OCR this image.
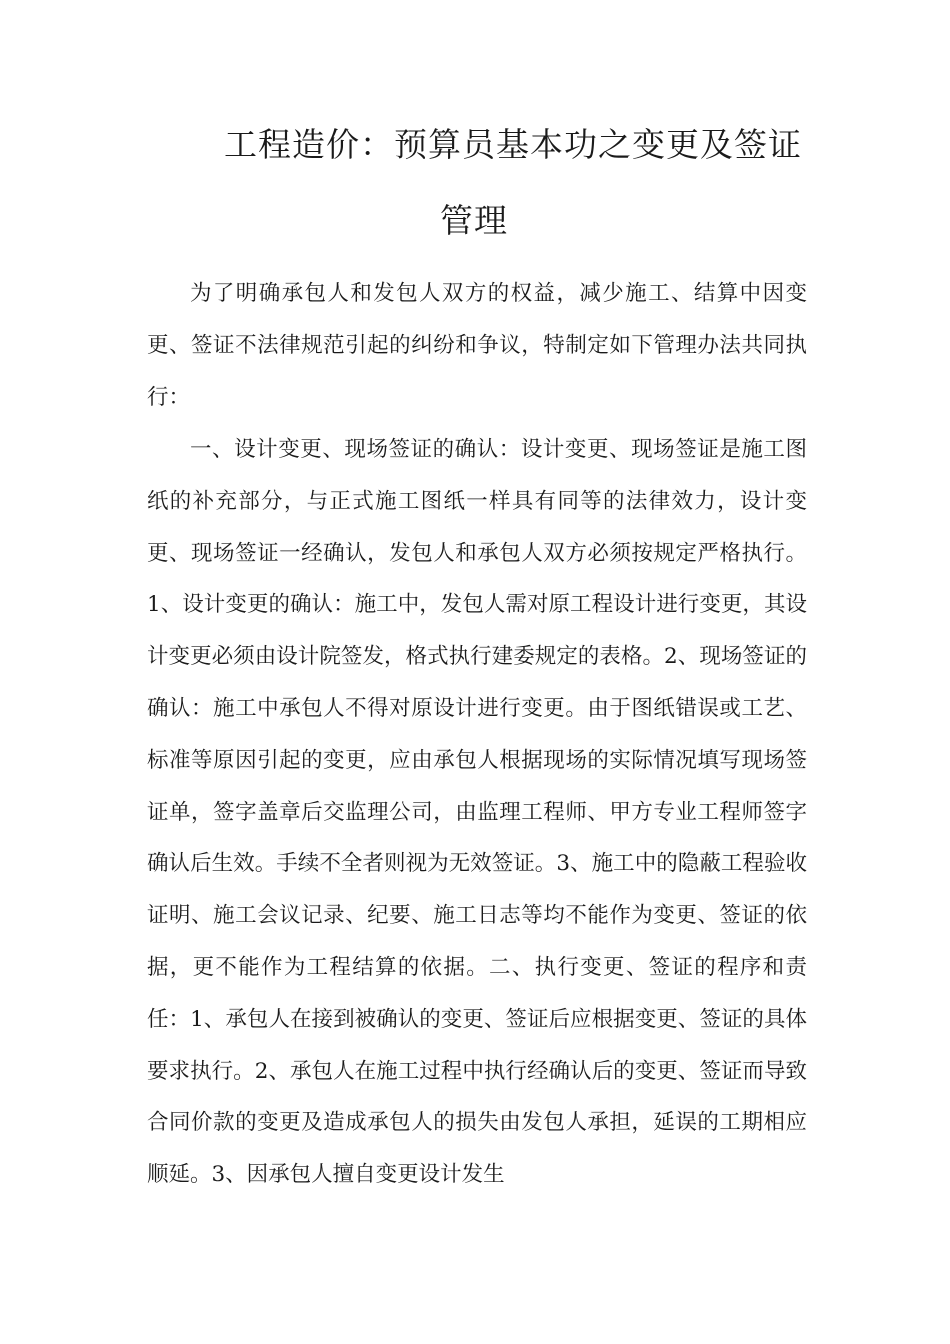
工程造价：预算员基本功之变更及签证
管理

为了明确承包人和发包人双方的权益，减少施工、结算中因变更、签证不法律规范引起的纠纷和争议，特制定如下管理办法共同执行：

一、设计变更、现场签证的确认：设计变更、现场签证是施工图纸的补充部分，与正式施工图纸一样具有同等的法律效力，设计变更、现场签证一经确认，发包人和承包人双方必须按规定严格执行。1、设计变更的确认：施工中，发包人需对原工程设计进行变更，其设计变更必须由设计院签发，格式执行建委规定的表格。2、现场签证的确认：施工中承包人不得对原设计进行变更。由于图纸错误或工艺、标准等原因引起的变更，应由承包人根据现场的实际情况填写现场签证单，签字盖章后交监理公司，由监理工程师、甲方专业工程师签字确认后生效。手续不全者则视为无效签证。3、施工中的隐蔽工程验收证明、施工会议记录、纪要、施工日志等均不能作为变更、签证的依据，更不能作为工程结算的依据。二、执行变更、签证的程序和责任：1、承包人在接到被确认的变更、签证后应根据变更、签证的具体要求执行。2、承包人在施工过程中执行经确认后的变更、签证而导致合同价款的变更及造成承包人的损失由发包人承担，延误的工期相应顺延。3、因承包人擅自变更设计发生
